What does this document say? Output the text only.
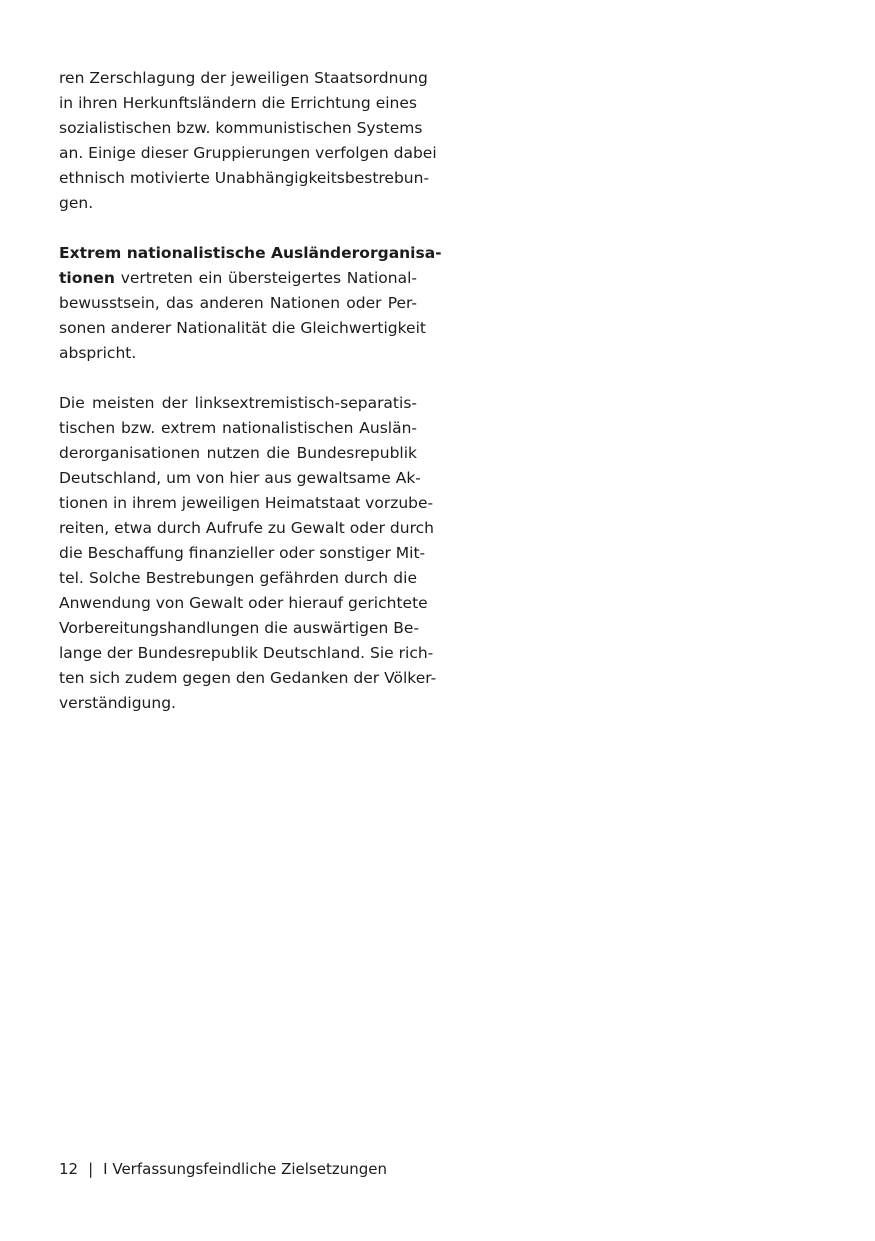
ren Zerschlagung der jeweiligen Staatsordnung
in ihren Herkunftsländern die Errichtung eines
sozialistischen bzw. kommunistischen Systems
an. Einige dieser Gruppierungen verfolgen dabei
ethnisch motivierte Unabhängigkeitsbestrebun-
gen.
Extrem nationalistische Ausländerorganisa-
tionen vertreten ein übersteigertes National-
bewusstsein, das anderen Nationen oder Per-
sonen anderer Nationalität die Gleichwertigkeit
abspricht.
Die meisten der linksextremistisch-separatis-
tischen bzw. extrem nationalistischen Auslän-
derorganisationen nutzen die Bundesrepublik
Deutschland, um von hier aus gewaltsame Ak-
tionen in ihrem jeweiligen Heimatstaat vorzube-
reiten, etwa durch Aufrufe zu Gewalt oder durch
die Beschaffung finanzieller oder sonstiger Mit-
tel. Solche Bestrebungen gefährden durch die
Anwendung von Gewalt oder hierauf gerichtete
Vorbereitungshandlungen die auswärtigen Be-
lange der Bundesrepublik Deutschland. Sie rich-
ten sich zudem gegen den Gedanken der Völker-
verständigung.
12 | I Verfassungsfeindliche Zielsetzungen
